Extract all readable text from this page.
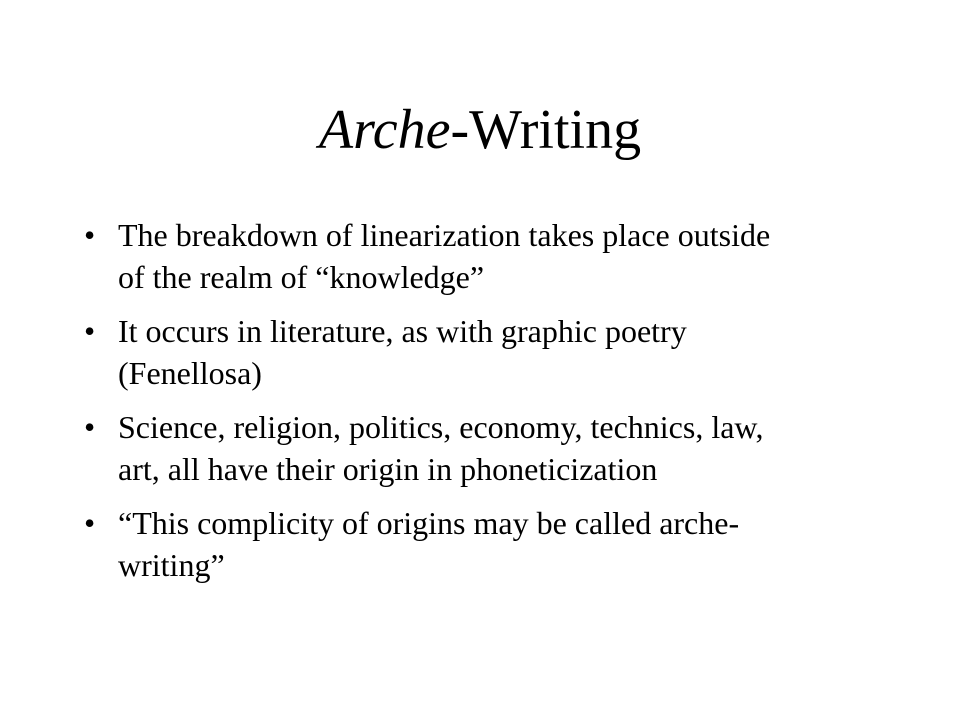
Arche-Writing
• The breakdown of linearization takes place outside
of the realm of “knowledge”
• It occurs in literature, as with graphic poetry
(Fenellosa)
• Science, religion, politics, economy, technics, law,
art, all have their origin in phoneticization
• “This complicity of origins may be called arche-
writing”
